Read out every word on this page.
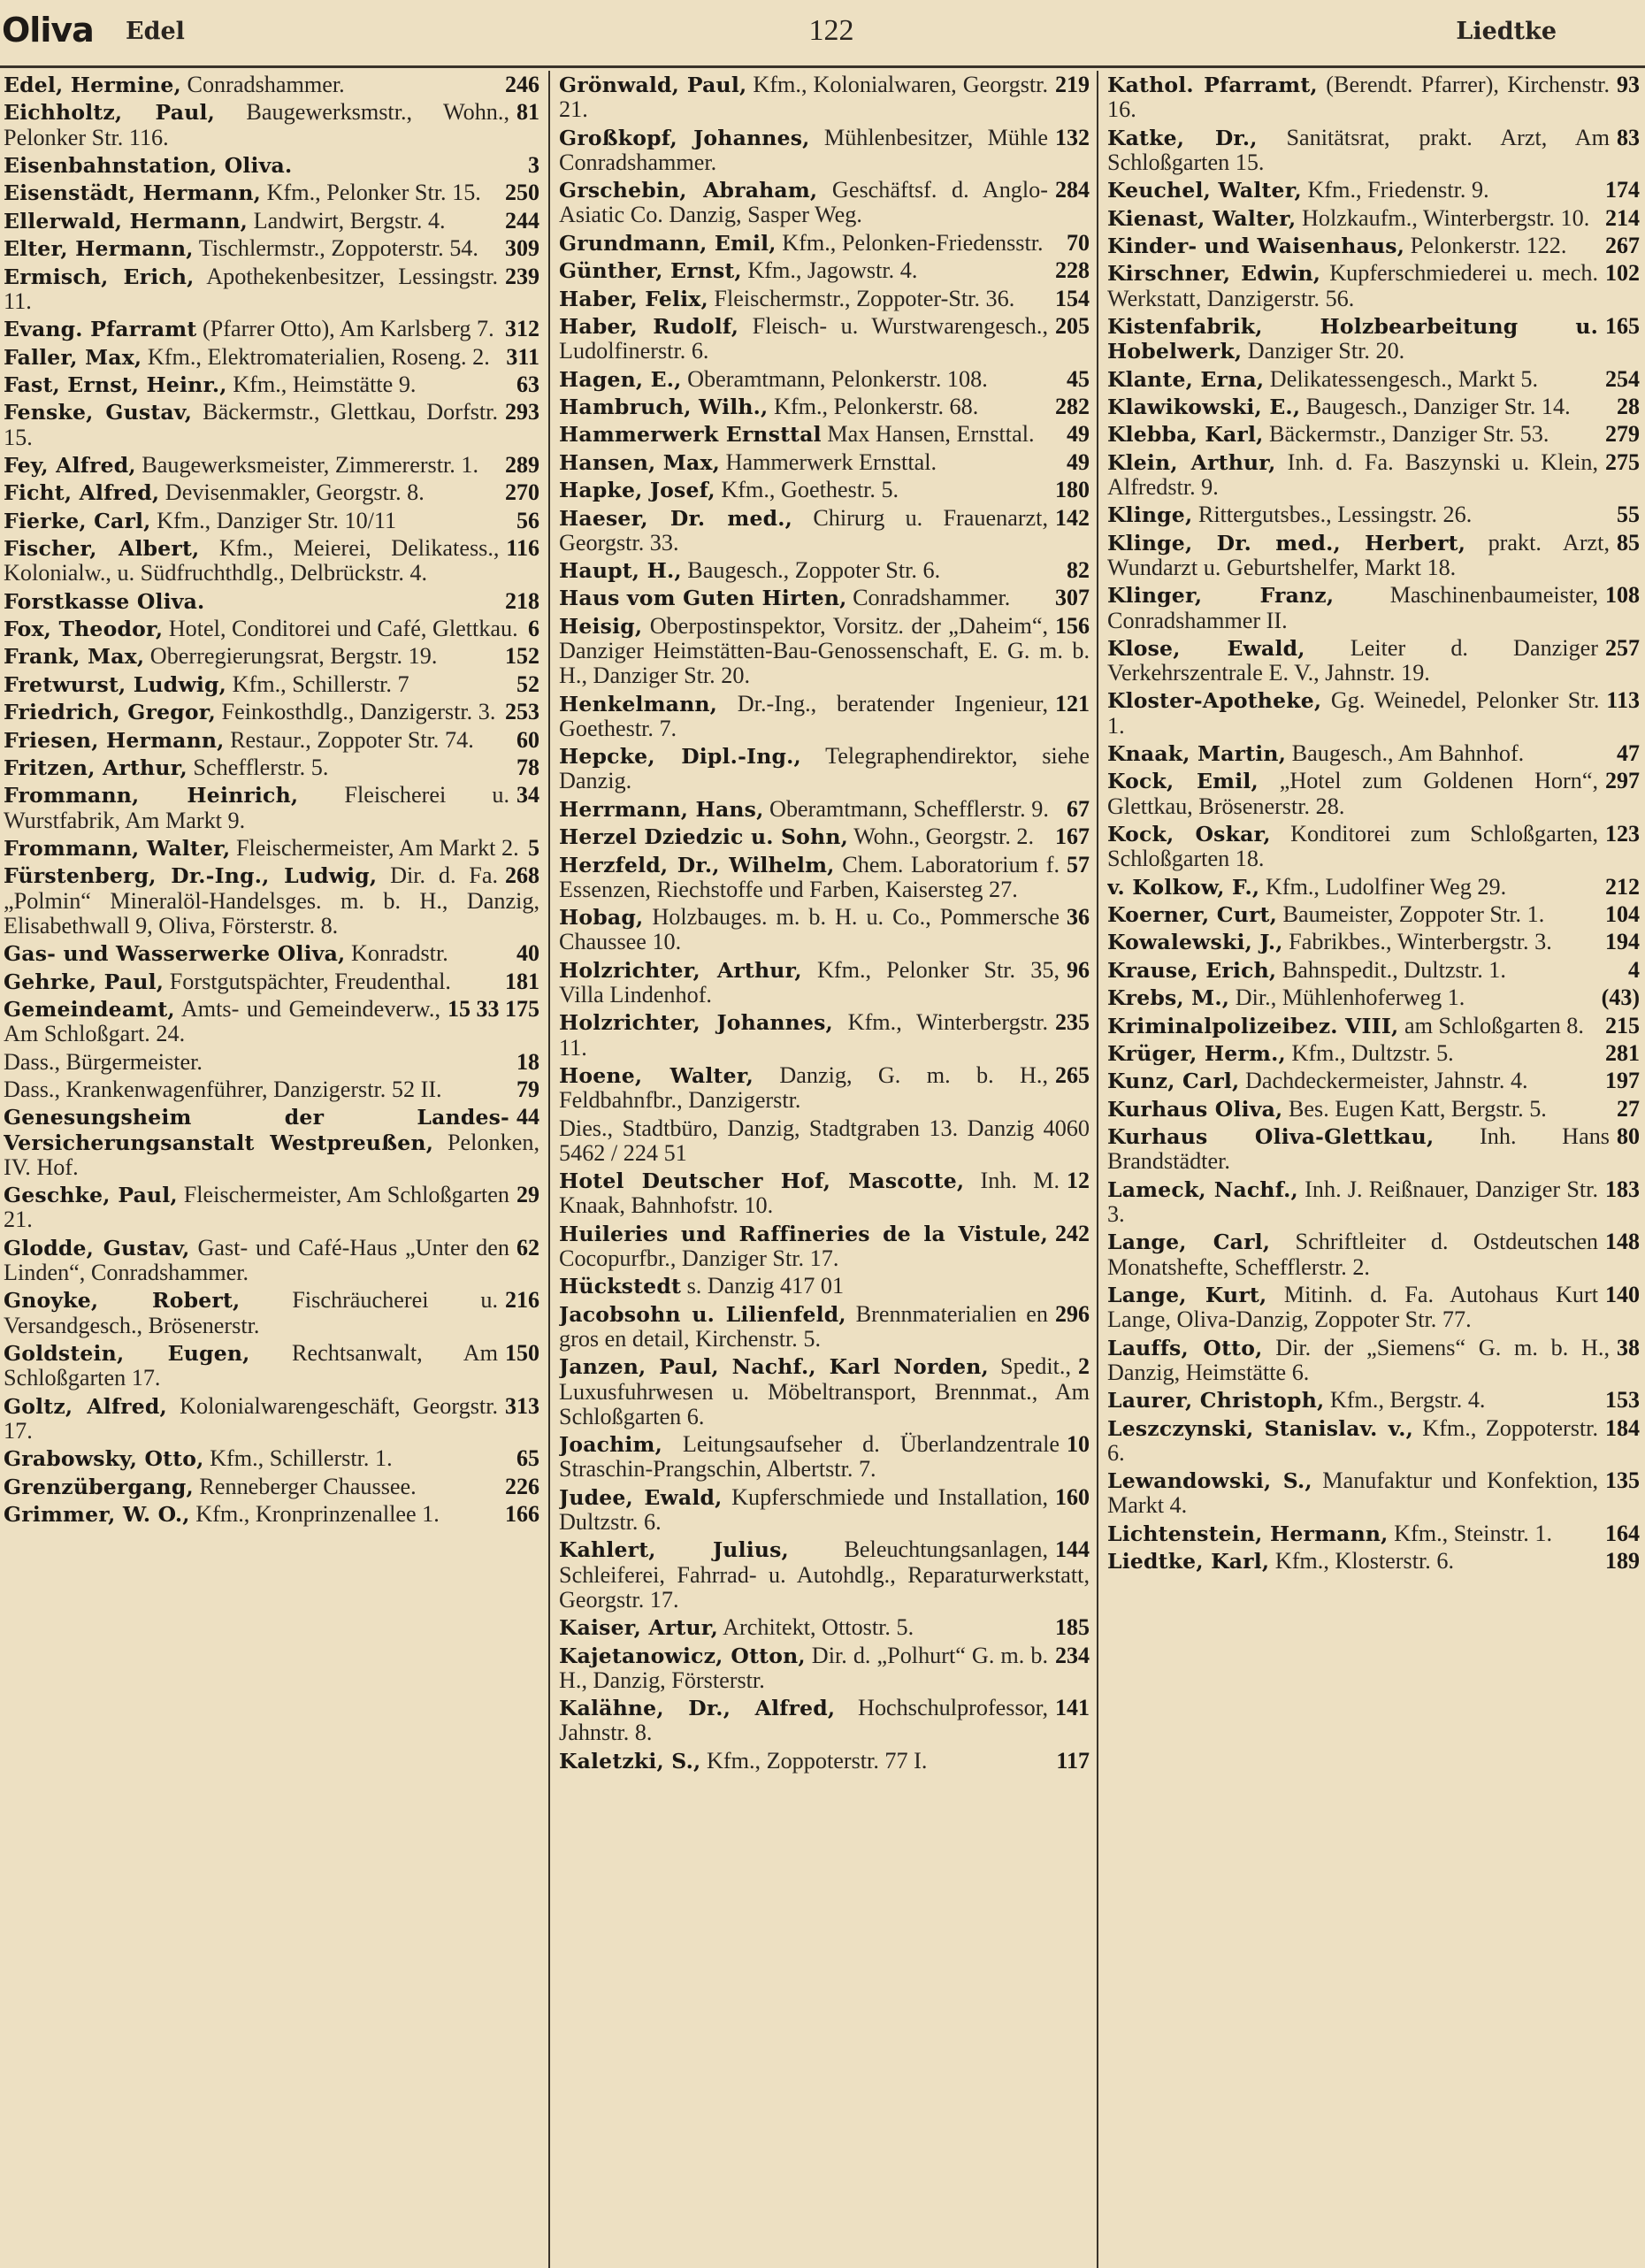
Oliva Edel	122	Liedtke
246
Edel, Hermine, Conradshammer.
81
Eichholtz, Paul, Baugewerksmstr., Wohn., Pelonker Str. 116.
3
Eisenbahnstation, Oliva.
250
Eisenstädt, Hermann, Kfm., Pelonker Str. 15.
244
Ellerwald, Hermann, Landwirt, Bergstr. 4.
309
Elter, Hermann, Tischlermstr., Zoppoterstr. 54.
239
Ermisch, Erich, Apothekenbesitzer, Lessingstr. 11.
312
Evang. Pfarramt (Pfarrer Otto), Am Karlsberg 7.
311
Faller, Max, Kfm., Elektromaterialien, Roseng. 2.
63
Fast, Ernst, Heinr., Kfm., Heimstätte 9.
293
Fenske, Gustav, Bäckermstr., Glettkau, Dorfstr. 15.
289
Fey, Alfred, Baugewerksmeister, Zimmererstr. 1.
270
Ficht, Alfred, Devisenmakler, Georgstr. 8.
56
Fierke, Carl, Kfm., Danziger Str. 10/11
116
Fischer, Albert, Kfm., Meierei, Delikatess., Kolonialw., u. Südfruchthdlg., Delbrückstr. 4.
218
Forstkasse Oliva.
6
Fox, Theodor, Hotel, Conditorei und Café, Glettkau.
152
Frank, Max, Oberregierungsrat, Bergstr. 19.
52
Fretwurst, Ludwig, Kfm., Schillerstr. 7
253
Friedrich, Gregor, Feinkosthdlg., Danzigerstr. 3.
60
Friesen, Hermann, Restaur., Zoppoter Str. 74.
78
Fritzen, Arthur, Schefflerstr. 5.
34
Frommann, Heinrich, Fleischerei u. Wurstfabrik, Am Markt 9.
5
Frommann, Walter, Fleischermeister, Am Markt 2.
268
Fürstenberg, Dr.-Ing., Ludwig, Dir. d. Fa. „Polmin“ Mineralöl-Handelsges. m. b. H., Danzig, Elisabethwall 9, Oliva, Försterstr. 8.
40
Gas- und Wasserwerke Oliva, Konradstr.
181
Gehrke, Paul, Forstgutspächter, Freudenthal.
15 33 175
Gemeindeamt, Amts- und Gemeindeverw., Am Schloßgart. 24.
18
Dass., Bürgermeister.
79
Dass., Krankenwagenführer, Danzigerstr. 52 II.
44
Genesungsheim der Landes-Versicherungsanstalt Westpreußen, Pelonken, IV. Hof.
29
Geschke, Paul, Fleischermeister, Am Schloßgarten 21.
62
Glodde, Gustav, Gast- und Café-Haus „Unter den Linden“, Conradshammer.
216
Gnoyke, Robert, Fischräucherei u. Versandgesch., Brösenerstr.
150
Goldstein, Eugen, Rechtsanwalt, Am Schloßgarten 17.
313
Goltz, Alfred, Kolonialwarengeschäft, Georgstr. 17.
65
Grabowsky, Otto, Kfm., Schillerstr. 1.
226
Grenzübergang, Renneberger Chaussee.
166
Grimmer, W. O., Kfm., Kronprinzenallee 1.
219
Grönwald, Paul, Kfm., Kolonialwaren, Georgstr. 21.
132
Großkopf, Johannes, Mühlenbesitzer, Mühle Conradshammer.
284
Grschebin, Abraham, Geschäftsf. d. Anglo-Asiatic Co. Danzig, Sasper Weg.
70
Grundmann, Emil, Kfm., Pelonken-Friedensstr.
228
Günther, Ernst, Kfm., Jagowstr. 4.
154
Haber, Felix, Fleischermstr., Zoppoter-Str. 36.
205
Haber, Rudolf, Fleisch- u. Wurstwarengesch., Ludolfinerstr. 6.
45
Hagen, E., Oberamtmann, Pelonkerstr. 108.
282
Hambruch, Wilh., Kfm., Pelonkerstr. 68.
49
Hammerwerk Ernsttal Max Hansen, Ernsttal.
49
Hansen, Max, Hammerwerk Ernsttal.
180
Hapke, Josef, Kfm., Goethestr. 5.
142
Haeser, Dr. med., Chirurg u. Frauenarzt, Georgstr. 33.
82
Haupt, H., Baugesch., Zoppoter Str. 6.
307
Haus vom Guten Hirten, Conradshammer.
156
Heisig, Oberpostinspektor, Vorsitz. der „Daheim“, Danziger Heimstätten-Bau-Genossenschaft, E. G. m. b. H., Danziger Str. 20.
121
Henkelmann, Dr.-Ing., beratender Ingenieur, Goethestr. 7.
Hepcke, Dipl.-Ing., Telegraphendirektor, siehe Danzig.
67
Herrmann, Hans, Oberamtmann, Schefflerstr. 9.
167
Herzel Dziedzic u. Sohn, Wohn., Georgstr. 2.
57
Herzfeld, Dr., Wilhelm, Chem. Laboratorium f. Essenzen, Riechstoffe und Farben, Kaisersteg 27.
36
Hobag, Holzbauges. m. b. H. u. Co., Pommersche Chaussee 10.
96
Holzrichter, Arthur, Kfm., Pelonker Str. 35, Villa Lindenhof.
235
Holzrichter, Johannes, Kfm., Winterbergstr. 11.
265
Hoene, Walter, Danzig, G. m. b. H., Feldbahnfbr., Danzigerstr.
Dies., Stadtbüro, Danzig, Stadtgraben 13. Danzig 4060 5462 / 224 51
12
Hotel Deutscher Hof, Mascotte, Inh. M. Knaak, Bahnhofstr. 10.
242
Huileries und Raffineries de la Vistule, Cocopurfbr., Danziger Str. 17.
Hückstedt s. Danzig 417 01
296
Jacobsohn u. Lilienfeld, Brennmaterialien en gros en detail, Kirchenstr. 5.
2
Janzen, Paul, Nachf., Karl Norden, Spedit., Luxusfuhrwesen u. Möbeltransport, Brennmat., Am Schloßgarten 6.
10
Joachim, Leitungsaufseher d. Überlandzentrale Straschin-Prangschin, Albertstr. 7.
160
Judee, Ewald, Kupferschmiede und Installation, Dultzstr. 6.
144
Kahlert, Julius, Beleuchtungsanlagen, Schleiferei, Fahrrad- u. Autohdlg., Reparaturwerkstatt, Georgstr. 17.
185
Kaiser, Artur, Architekt, Ottostr. 5.
234
Kajetanowicz, Otton, Dir. d. „Polhurt“ G. m. b. H., Danzig, Försterstr.
141
Kalähne, Dr., Alfred, Hochschulprofessor, Jahnstr. 8.
117
Kaletzki, S., Kfm., Zoppoterstr. 77 I.
93
Kathol. Pfarramt, (Berendt. Pfarrer), Kirchenstr. 16.
83
Katke, Dr., Sanitätsrat, prakt. Arzt, Am Schloßgarten 15.
174
Keuchel, Walter, Kfm., Friedenstr. 9.
214
Kienast, Walter, Holzkaufm., Winterbergstr. 10.
267
Kinder- und Waisenhaus, Pelonkerstr. 122.
102
Kirschner, Edwin, Kupferschmiederei u. mech. Werkstatt, Danzigerstr. 56.
165
Kistenfabrik, Holzbearbeitung u. Hobelwerk, Danziger Str. 20.
254
Klante, Erna, Delikatessengesch., Markt 5.
28
Klawikowski, E., Baugesch., Danziger Str. 14.
279
Klebba, Karl, Bäckermstr., Danziger Str. 53.
275
Klein, Arthur, Inh. d. Fa. Baszynski u. Klein, Alfredstr. 9.
55
Klinge, Rittergutsbes., Lessingstr. 26.
85
Klinge, Dr. med., Herbert, prakt. Arzt, Wundarzt u. Geburtshelfer, Markt 18.
108
Klinger, Franz, Maschinenbaumeister, Conradshammer II.
257
Klose, Ewald, Leiter d. Danziger Verkehrszentrale E. V., Jahnstr. 19.
113
Kloster-Apotheke, Gg. Weinedel, Pelonker Str. 1.
47
Knaak, Martin, Baugesch., Am Bahnhof.
297
Kock, Emil, „Hotel zum Goldenen Horn“, Glettkau, Brösenerstr. 28.
123
Kock, Oskar, Konditorei zum Schloßgarten, Schloßgarten 18.
212
v. Kolkow, F., Kfm., Ludolfiner Weg 29.
104
Koerner, Curt, Baumeister, Zoppoter Str. 1.
194
Kowalewski, J., Fabrikbes., Winterbergstr. 3.
4
Krause, Erich, Bahnspedit., Dultzstr. 1.
(43)
Krebs, M., Dir., Mühlenhoferweg 1.
215
Kriminalpolizeibez. VIII, am Schloßgarten 8.
281
Krüger, Herm., Kfm., Dultzstr. 5.
197
Kunz, Carl, Dachdeckermeister, Jahnstr. 4.
27
Kurhaus Oliva, Bes. Eugen Katt, Bergstr. 5.
80
Kurhaus Oliva-Glettkau, Inh. Hans Brandstädter.
183
Lameck, Nachf., Inh. J. Reißnauer, Danziger Str. 3.
148
Lange, Carl, Schriftleiter d. Ostdeutschen Monatshefte, Schefflerstr. 2.
140
Lange, Kurt, Mitinh. d. Fa. Autohaus Kurt Lange, Oliva-Danzig, Zoppoter Str. 77.
38
Lauffs, Otto, Dir. der „Siemens“ G. m. b. H., Danzig, Heimstätte 6.
153
Laurer, Christoph, Kfm., Bergstr. 4.
184
Leszczynski, Stanislav. v., Kfm., Zoppoterstr. 6.
135
Lewandowski, S., Manufaktur und Konfektion, Markt 4.
164
Lichtenstein, Hermann, Kfm., Steinstr. 1.
189
Liedtke, Karl, Kfm., Klosterstr. 6.
